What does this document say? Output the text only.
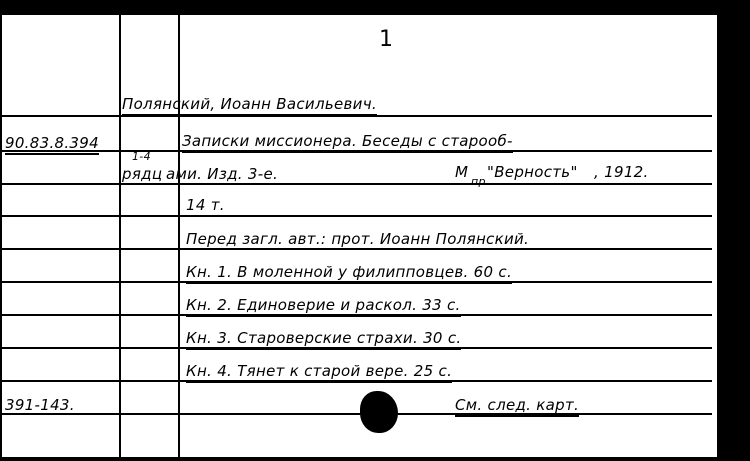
1
Полянский, Иоанн Васильевич.
90.83.8.394
1-4
Записки миссионера. Беседы с старооб-
рядц ами. Изд. 3-е.	М
пр
"Верность" , 1912.
14 т.
Перед загл. авт.: прот. Иоанн Полянский.
Кн. 1. В моленной у филипповцев. 60 с.
Кн. 2. Единоверие и раскол. 33 с.
Кн. 3. Староверские страхи. 30 с.
Кн. 4. Тянет к старой вере. 25 с.
391-143.	См. след. карт.
